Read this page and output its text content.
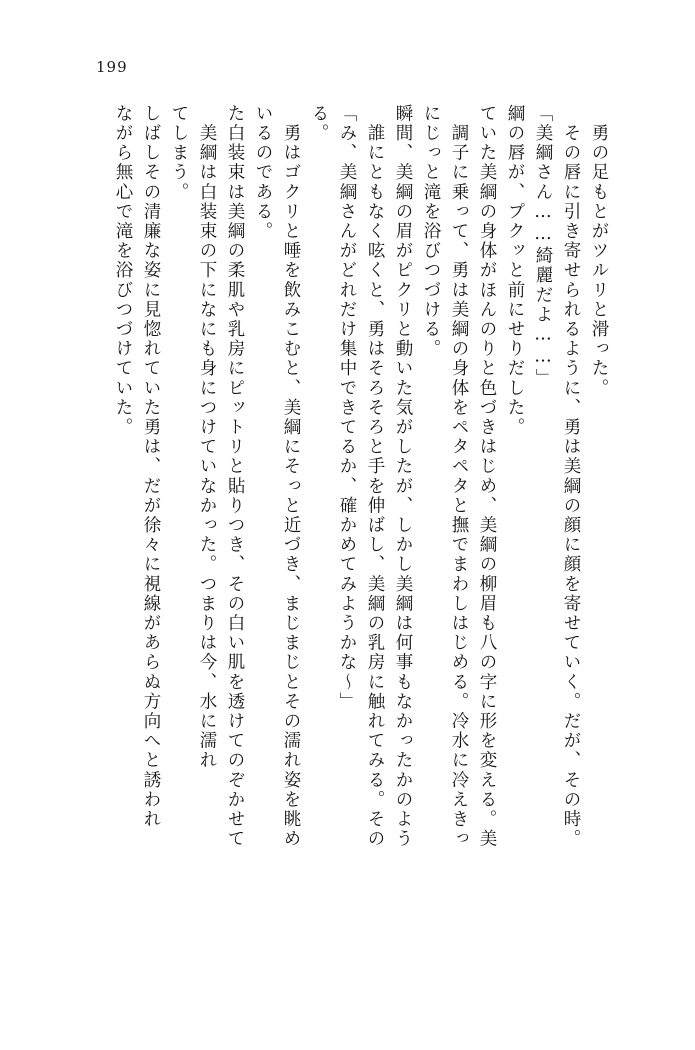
199
ながら無心で滝を浴びつづけていた。 しばしその清廉な姿に見惚れていた勇は、だが徐々に視線があらぬ方向へと誘われ てしまう。 　美綱は白装束の下になにも身につけていなかった。つまりは今、水に濡れ た白装束は美綱の柔肌や乳房にピットリと貼りつき、その白い肌を透けてのぞかせて いるのである。 　勇はゴクリと唾を飲みこむと、美綱にそっと近づき、まじまじとその濡れ姿を眺め る。 「み、美綱さんがどれだけ集中できてるか、確かめてみようかな～」 　誰にともなく呟くと、勇はそろそろと手を伸ばし、美綱の乳房に触れてみる。その 瞬間、美綱の眉がピクリと動いた気がしたが、しかし美綱は何事もなかったかのよう にじっと滝を浴びつづける。 　調子に乗って、勇は美綱の身体をペタペタと撫でまわしはじめる。冷水に冷えきっ ていた美綱の身体がほんのりと色づきはじめ、美綱の柳眉も八の字に形を変える。美 綱の唇が、プクッと前にせりだした。 「美綱さん……綺麗だよ……」 　その唇に引き寄せられるように、勇は美綱の顔に顔を寄せていく。だが、その時。 　勇の足もとがツルリと滑った。
